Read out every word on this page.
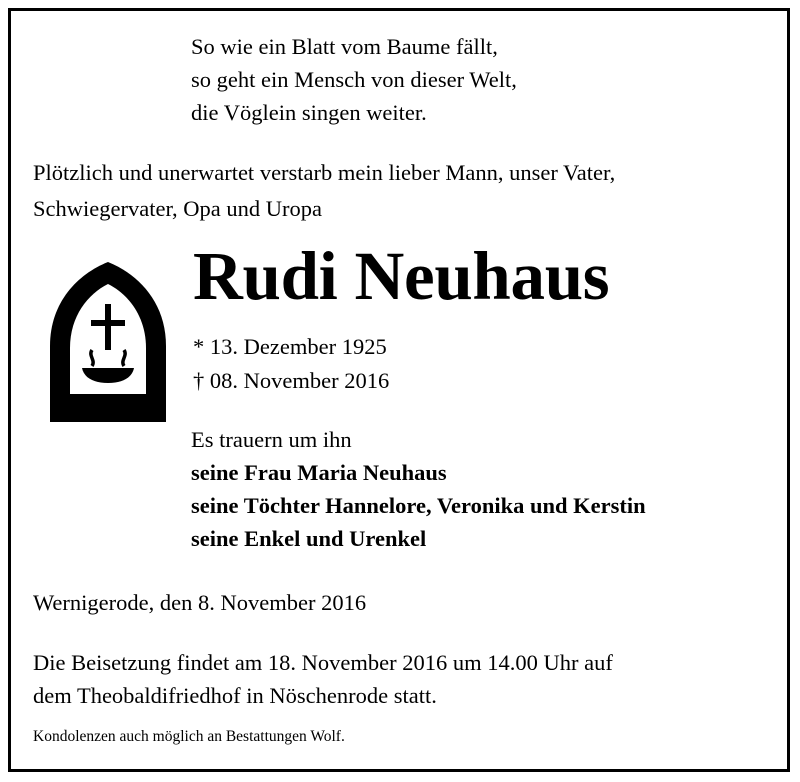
So wie ein Blatt vom Baume fällt,
so geht ein Mensch von dieser Welt,
die Vöglein singen weiter.

Plötzlich und unerwartet verstarb mein lieber Mann, unser Vater,
Schwiegervater, Opa und Uropa

Rudi Neuhaus

* 13. Dezember 1925
† 08. November 2016

Es trauern um ihn
seine Frau Maria Neuhaus
seine Töchter Hannelore, Veronika und Kerstin
seine Enkel und Urenkel

Wernigerode, den 8. November 2016

Die Beisetzung findet am 18. November 2016 um 14.00 Uhr auf
dem Theobaldifriedhof in Nöschenrode statt.

Kondolenzen auch möglich an Bestattungen Wolf.
